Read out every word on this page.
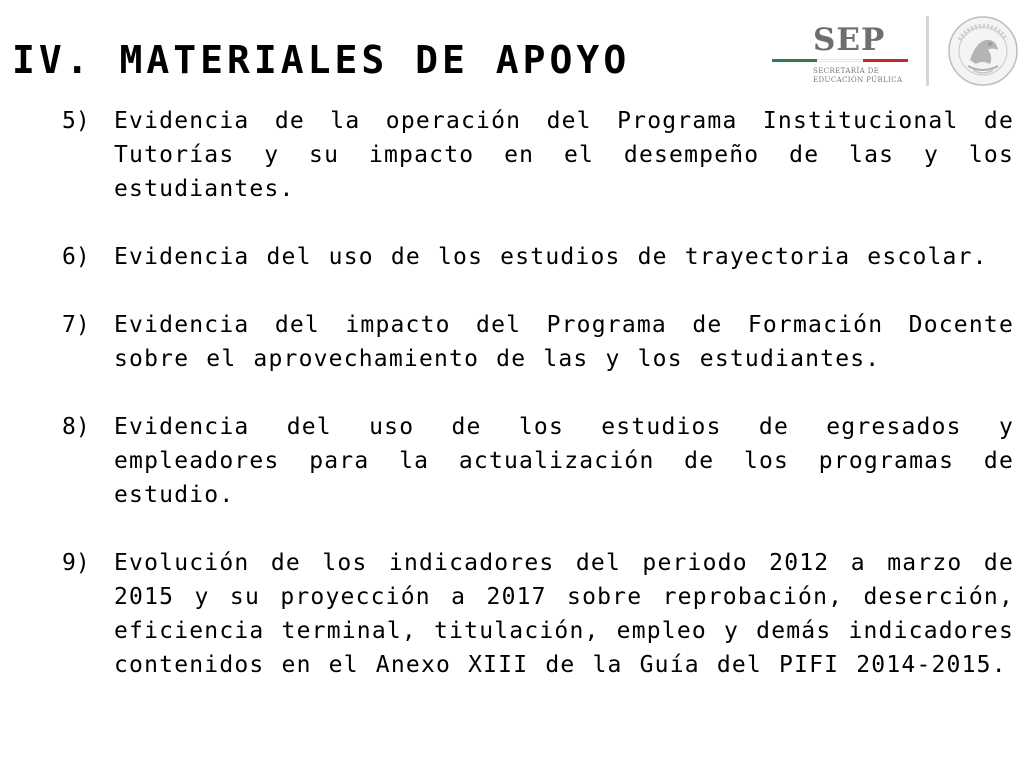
IV. MATERIALES DE APOYO	SEP
SECRETARÍA DE
EDUCACIÓN PÚBLICA
5)	Evidencia de la operación del Programa Institucional de Tutorías y su impacto en el desempeño de las y los estudiantes.
6)	Evidencia del uso de los estudios de trayectoria escolar.
7)	Evidencia del impacto del Programa de Formación Docente sobre el aprovechamiento de las y los estudiantes.
8)	Evidencia del uso de los estudios de egresados y empleadores para la actualización de los programas de estudio.
9)	Evolución de los indicadores del periodo 2012 a marzo de 2015 y su proyección a 2017 sobre reprobación, deserción, eficiencia terminal, titulación, empleo y demás indicadores contenidos en el Anexo XIII de la Guía del PIFI 2014-2015.
